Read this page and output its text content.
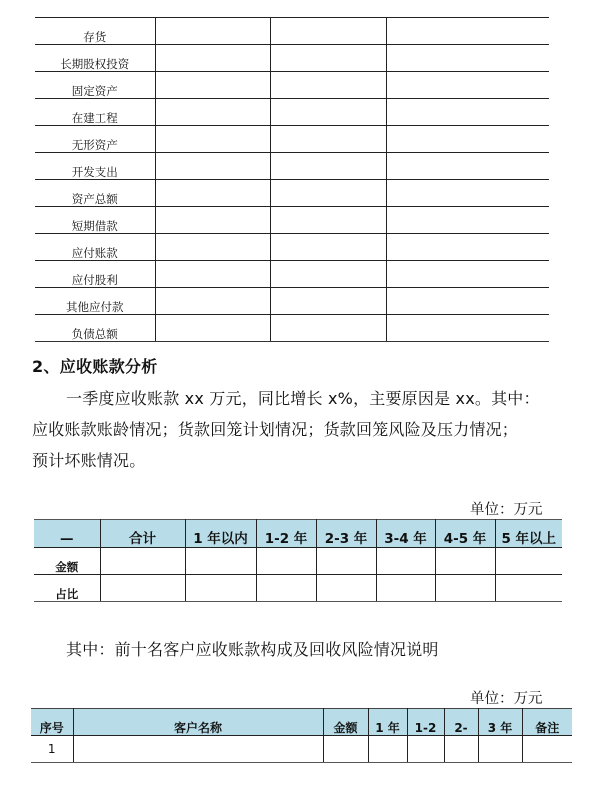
存货			
长期股权投资			
固定资产			
在建工程			
无形资产			
开发支出			
资产总额			
短期借款			
应付账款			
应付股利			
其他应付款			
负债总额			
2、应收账款分析
一季度应收账款 xx 万元，同比增长 x%，主要原因是 xx。其中：
应收账款账龄情况；货款回笼计划情况；货款回笼风险及压力情况；
预计坏账情况。
单位：万元
—	合计	1 年以内	1-2 年	2-3 年	3-4 年	4-5 年	5 年以上
金额							
占比							
其中：前十名客户应收账款构成及回收风险情况说明
单位：万元
序号	客户名称	金额	1 年	1-2	2-	3 年	备注
1							
